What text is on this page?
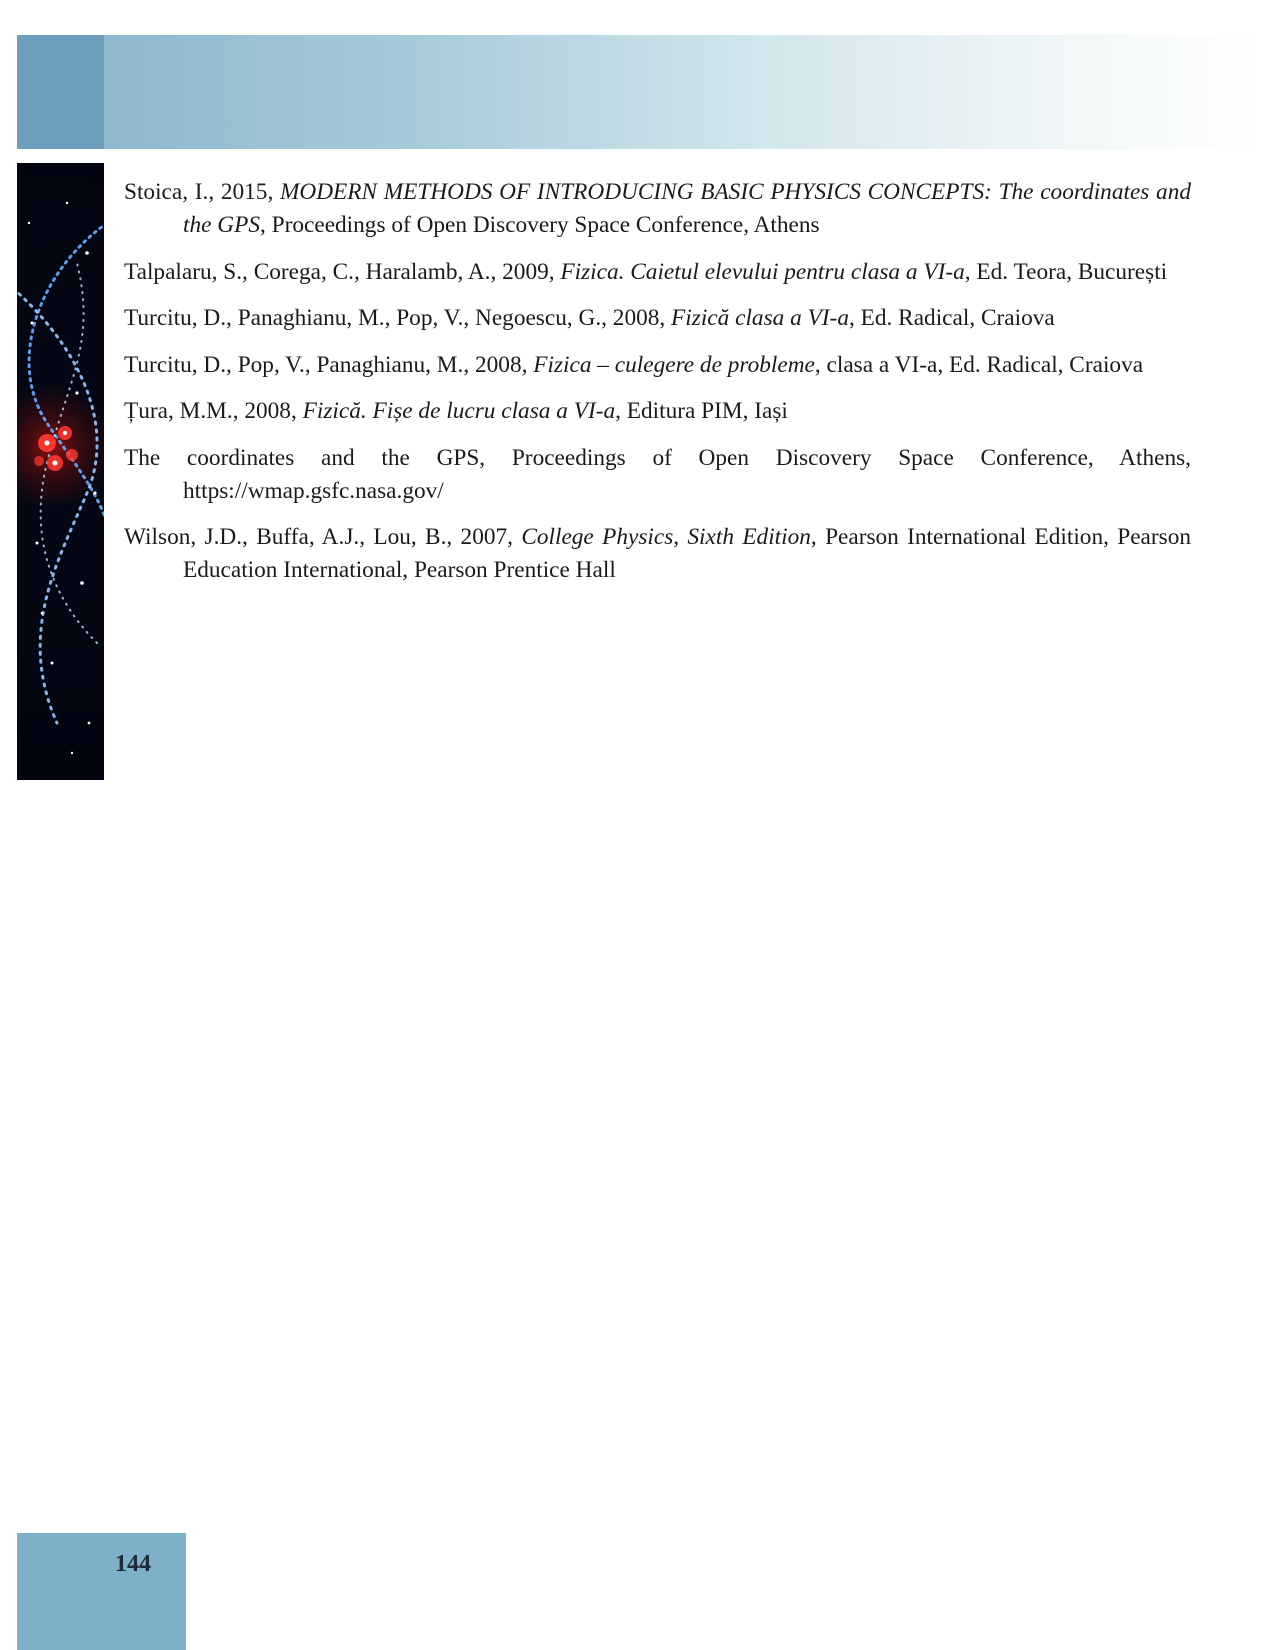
Stoica, I., 2015, MODERN METHODS OF INTRODUCING BASIC PHYSICS CONCEPTS: The coordinates and the GPS, Proceedings of Open Discovery Space Conference, Athens

Talpalaru, S., Corega, C., Haralamb, A., 2009, Fizica. Caietul elevului pentru clasa a VI-a, Ed. Teora, București

Turcitu, D., Panaghianu, M., Pop, V., Negoescu, G., 2008, Fizică clasa a VI-a, Ed. Radical, Craiova

Turcitu, D., Pop, V., Panaghianu, M., 2008, Fizica – culegere de probleme, clasa a VI-a, Ed. Radical, Craiova

Țura, M.M., 2008, Fizică. Fișe de lucru clasa a VI-a, Editura PIM, Iași

The coordinates and the GPS, Proceedings of Open Discovery Space Conference, Athens, https://wmap.gsfc.nasa.gov/

Wilson, J.D., Buffa, A.J., Lou, B., 2007, College Physics, Sixth Edition, Pearson International Edition, Pearson Education International, Pearson Prentice Hall

144
